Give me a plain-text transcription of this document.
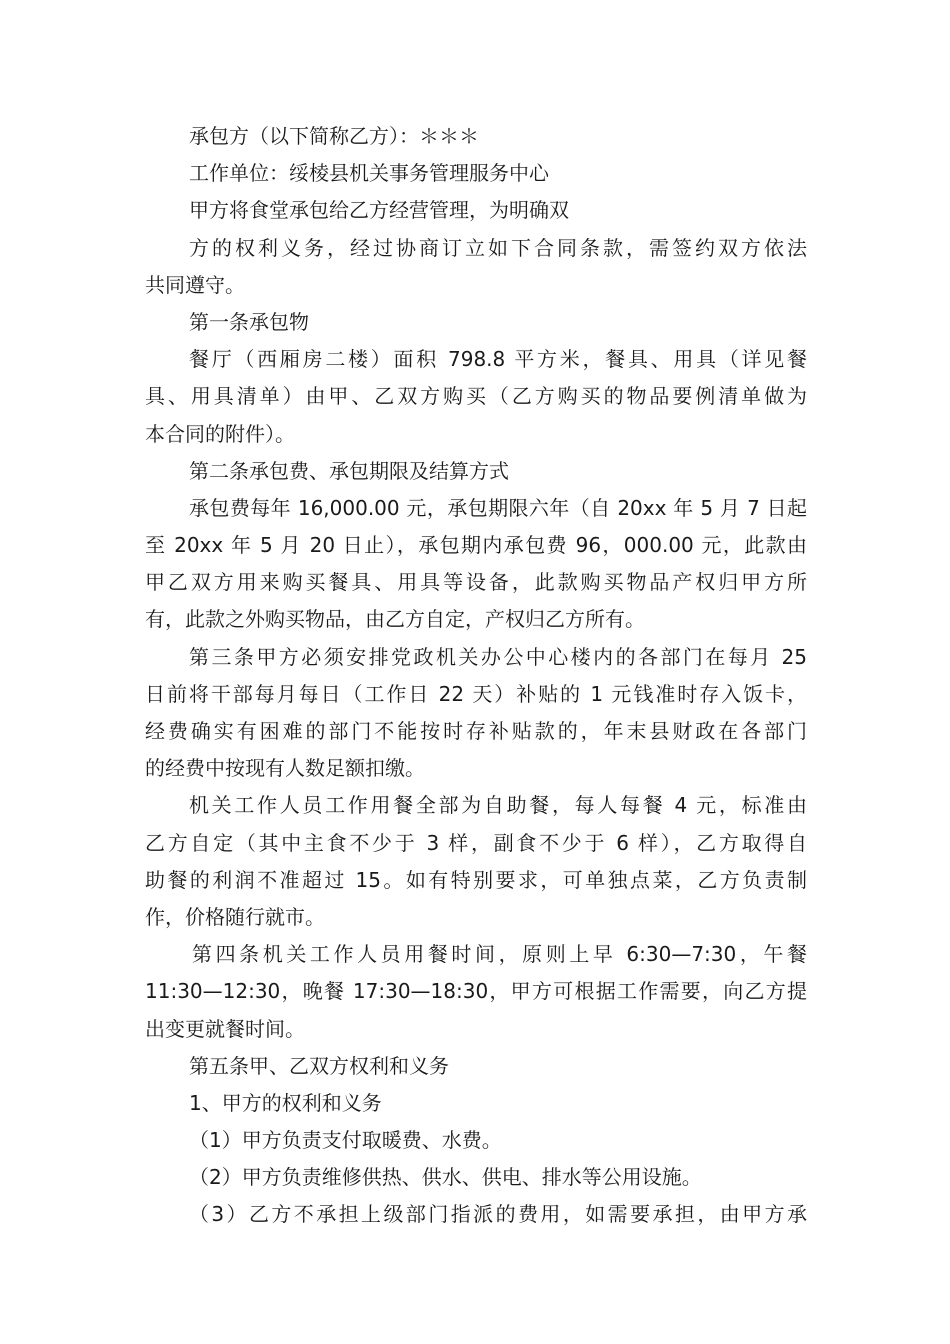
承包方（以下简称乙方）：＊＊＊
工作单位：绥棱县机关事务管理服务中心
甲方将食堂承包给乙方经营管理，为明确双
方的权利义务，经过协商订立如下合同条款，需签约双方依法
共同遵守。
第一条承包物
餐厅（西厢房二楼）面积 798.8 平方米，餐具、用具（详见餐
具、用具清单）由甲、乙双方购买（乙方购买的物品要例清单做为
本合同的附件）。
第二条承包费、承包期限及结算方式
承包费每年 16,000.00 元，承包期限六年（自 20xx 年 5 月 7 日起
至 20xx 年 5 月 20 日止），承包期内承包费 96，000.00 元，此款由
甲乙双方用来购买餐具、用具等设备，此款购买物品产权归甲方所
有，此款之外购买物品，由乙方自定，产权归乙方所有。
第三条甲方必须安排党政机关办公中心楼内的各部门在每月 25
日前将干部每月每日（工作日 22 天）补贴的 1 元钱准时存入饭卡，
经费确实有困难的部门不能按时存补贴款的，年末县财政在各部门
的经费中按现有人数足额扣缴。
机关工作人员工作用餐全部为自助餐，每人每餐 4 元，标准由
乙方自定（其中主食不少于 3 样，副食不少于 6 样），乙方取得自
助餐的利润不准超过 15。如有特别要求，可单独点菜，乙方负责制
作，价格随行就市。
第四条机关工作人员用餐时间，原则上早 6:30—7:30，午餐
11:30—12:30，晚餐 17:30—18:30，甲方可根据工作需要，向乙方提
出变更就餐时间。
第五条甲、乙双方权利和义务
1、甲方的权利和义务
（1）甲方负责支付取暖费、水费。
（2）甲方负责维修供热、供水、供电、排水等公用设施。
（3）乙方不承担上级部门指派的费用，如需要承担，由甲方承
